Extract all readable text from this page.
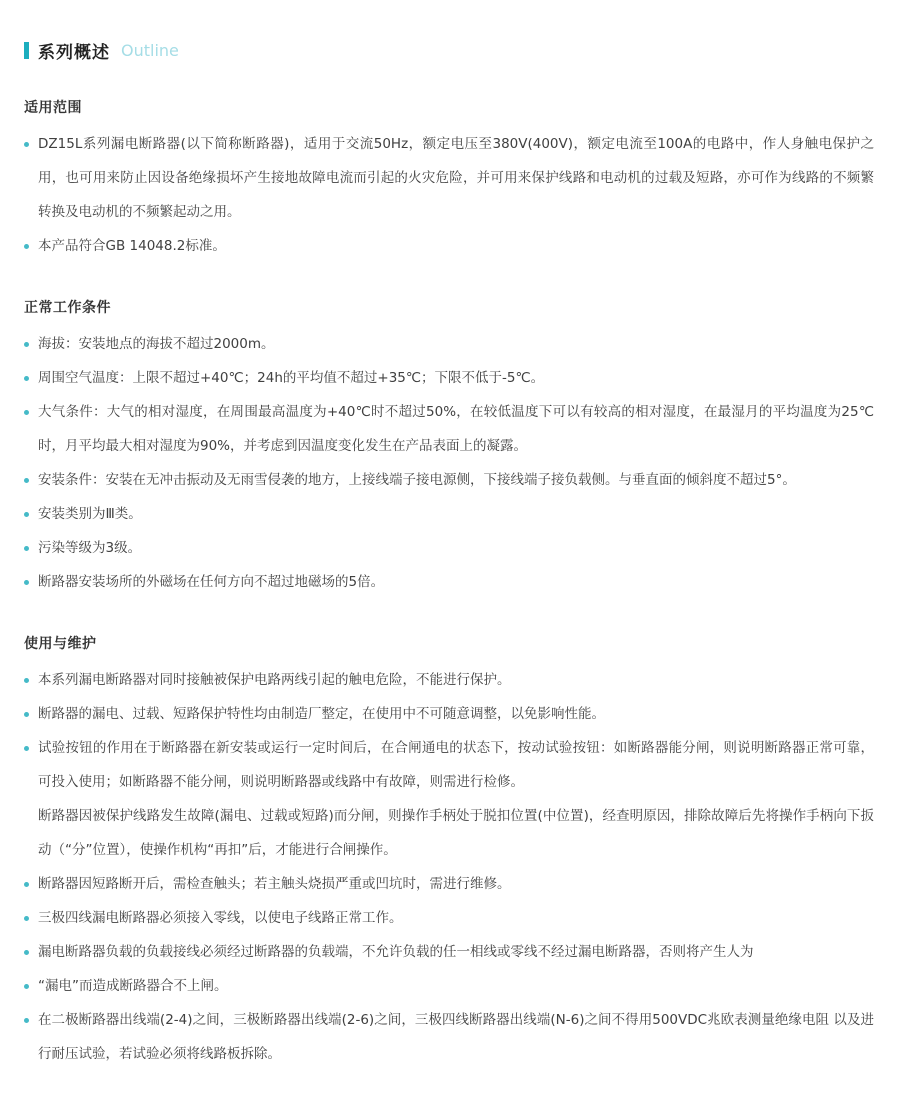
系列概述 Outline
适用范围

DZ15L系列漏电断路器(以下简称断路器)，适用于交流50Hz，额定电压至380V(400V)，额定电流至100A的电路中，作人身触电保护之用，也可用来防止因设备绝缘损坏产生接地故障电流而引起的火灾危险，并可用来保护线路和电动机的过载及短路，亦可作为线路的不频繁转换及电动机的不频繁起动之用。

本产品符合GB 14048.2标准。

正常工作条件

海拔：安装地点的海拔不超过2000m。

周围空气温度：上限不超过+40℃；24h的平均值不超过+35℃；下限不低于-5℃。

大气条件：大气的相对湿度，在周围最高温度为+40℃时不超过50%，在较低温度下可以有较高的相对湿度，在最湿月的平均温度为25℃时，月平均最大相对湿度为90%，并考虑到因温度变化发生在产品表面上的凝露。

安装条件：安装在无冲击振动及无雨雪侵袭的地方，上接线端子接电源侧，下接线端子接负载侧。与垂直面的倾斜度不超过5°。

安装类别为Ⅲ类。

污染等级为3级。

断路器安装场所的外磁场在任何方向不超过地磁场的5倍。

使用与维护

本系列漏电断路器对同时接触被保护电路两线引起的触电危险，不能进行保护。

断路器的漏电、过载、短路保护特性均由制造厂整定，在使用中不可随意调整，以免影响性能。

试验按钮的作用在于断路器在新安装或运行一定时间后，在合闸通电的状态下，按动试验按钮：如断路器能分闸，则说明断路器正常可靠，可投入使用；如断路器不能分闸，则说明断路器或线路中有故障，则需进行检修。

断路器因被保护线路发生故障(漏电、过载或短路)而分闸，则操作手柄处于脱扣位置(中位置)，经查明原因，排除故障后先将操作手柄向下扳动（“分”位置），使操作机构“再扣”后，才能进行合闸操作。

断路器因短路断开后，需检查触头；若主触头烧损严重或凹坑时，需进行维修。

三极四线漏电断路器必须接入零线，以使电子线路正常工作。

漏电断路器负载的负载接线必须经过断路器的负载端，不允许负载的任一相线或零线不经过漏电断路器，否则将产生人为

“漏电”而造成断路器合不上闸。

在二极断路器出线端(2-4)之间，三极断路器出线端(2-6)之间，三极四线断路器出线端(N-6)之间不得用500VDC兆欧表测量绝缘电阻 以及进行耐压试验，若试验必须将线路板拆除。
